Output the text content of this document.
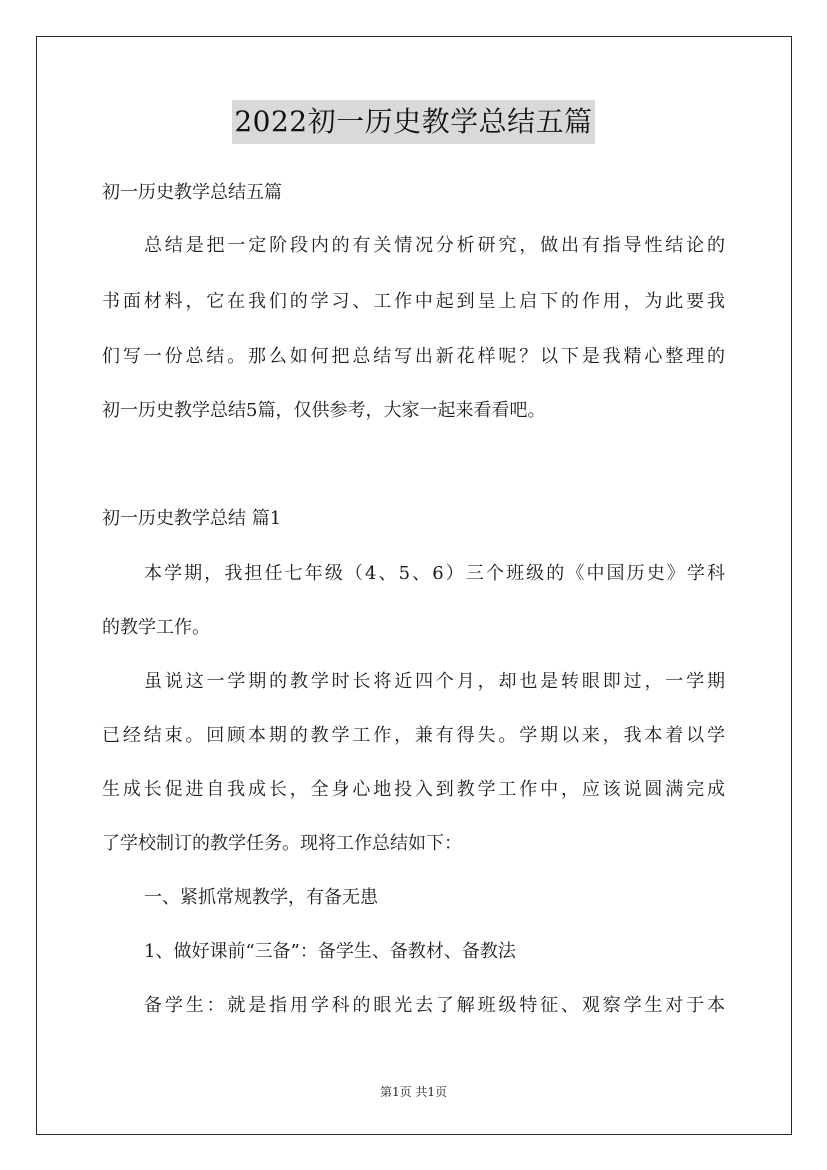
2022初一历史教学总结五篇
初一历史教学总结五篇
总结是把一定阶段内的有关情况分析研究，做出有指导性结论的
书面材料，它在我们的学习、工作中起到呈上启下的作用，为此要我
们写一份总结。那么如何把总结写出新花样呢？以下是我精心整理的
初一历史教学总结5篇，仅供参考，大家一起来看看吧。
初一历史教学总结 篇1
本学期，我担任七年级（4、5、6）三个班级的《中国历史》学科
的教学工作。
虽说这一学期的教学时长将近四个月，却也是转眼即过，一学期
已经结束。回顾本期的教学工作，兼有得失。学期以来，我本着以学
生成长促进自我成长，全身心地投入到教学工作中，应该说圆满完成
了学校制订的教学任务。现将工作总结如下：
一、紧抓常规教学，有备无患
1、做好课前“三备”：备学生、备教材、备教法
备学生：就是指用学科的眼光去了解班级特征、观察学生对于本
第1页 共1页
